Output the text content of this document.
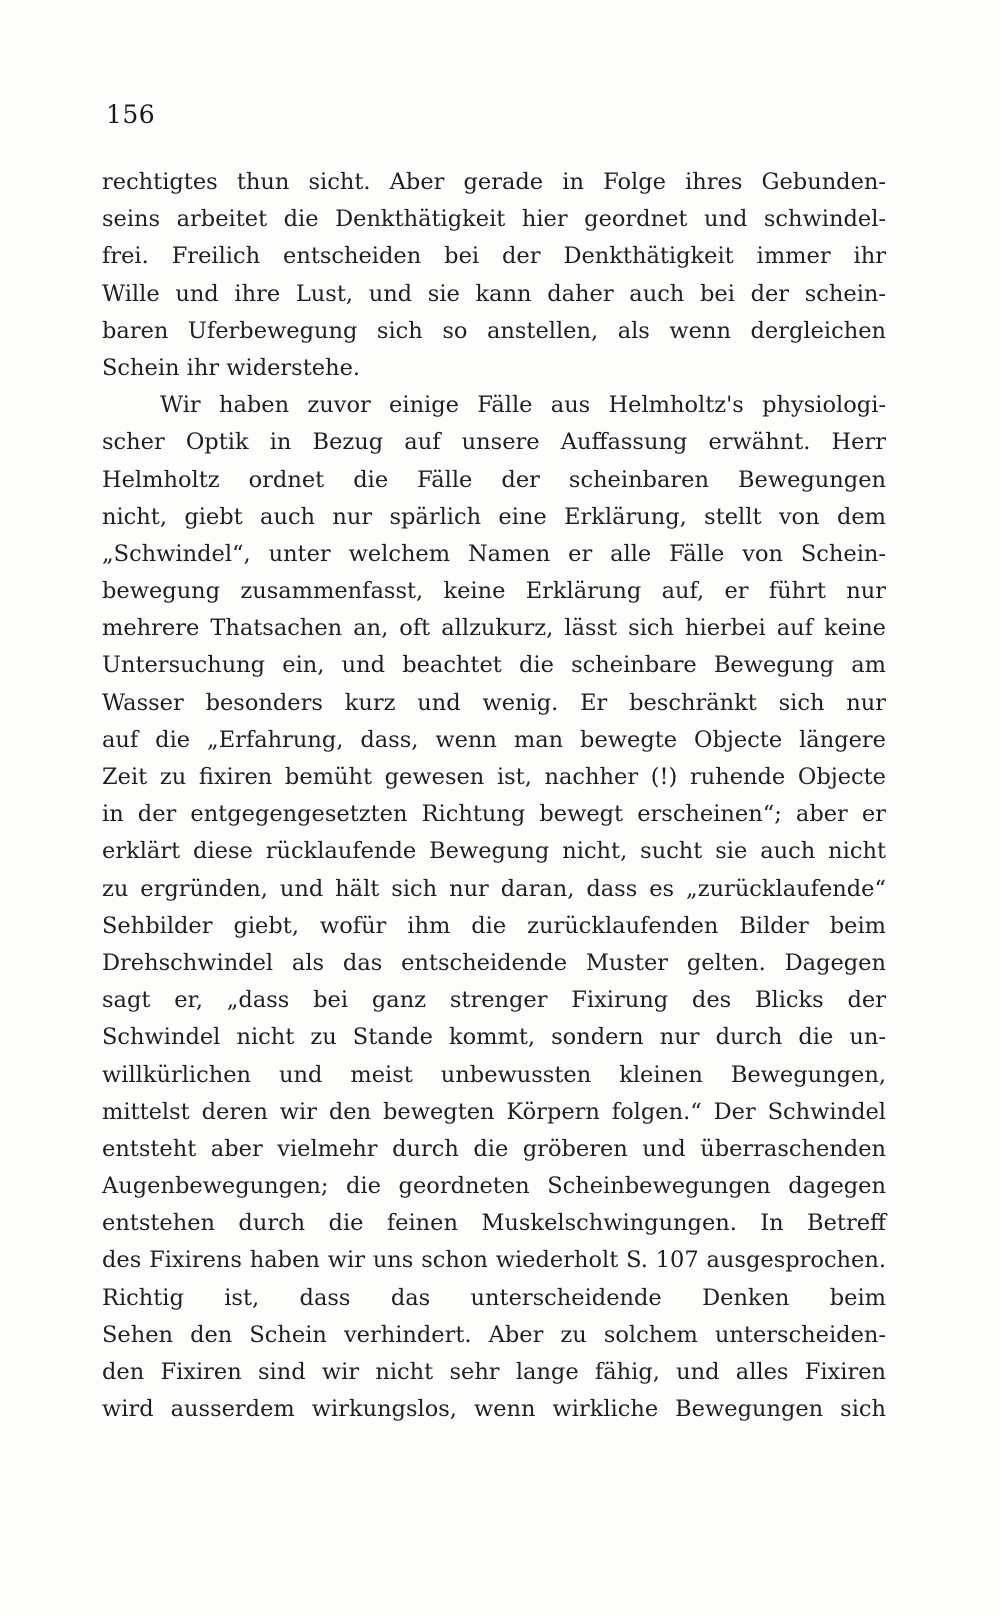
156
rechtigtes thun sicht. Aber gerade in Folge ihres Gebunden-
seins arbeitet die Denkthätigkeit hier geordnet und schwindel-
frei. Freilich entscheiden bei der Denkthätigkeit immer ihr
Wille und ihre Lust, und sie kann daher auch bei der schein-
baren Uferbewegung sich so anstellen, als wenn dergleichen
Schein ihr widerstehe.
Wir haben zuvor einige Fälle aus Helmholtz's physiologi-
scher Optik in Bezug auf unsere Auffassung erwähnt. Herr
Helmholtz ordnet die Fälle der scheinbaren Bewegungen
nicht, giebt auch nur spärlich eine Erklärung, stellt von dem
„Schwindel“, unter welchem Namen er alle Fälle von Schein-
bewegung zusammenfasst, keine Erklärung auf, er führt nur
mehrere Thatsachen an, oft allzukurz, lässt sich hierbei auf keine
Untersuchung ein, und beachtet die scheinbare Bewegung am
Wasser besonders kurz und wenig. Er beschränkt sich nur
auf die „Erfahrung, dass, wenn man bewegte Objecte längere
Zeit zu fixiren bemüht gewesen ist, nachher (!) ruhende Objecte
in der entgegengesetzten Richtung bewegt erscheinen“; aber er
erklärt diese rücklaufende Bewegung nicht, sucht sie auch nicht
zu ergründen, und hält sich nur daran, dass es „zurücklaufende“
Sehbilder giebt, wofür ihm die zurücklaufenden Bilder beim
Drehschwindel als das entscheidende Muster gelten. Dagegen
sagt er, „dass bei ganz strenger Fixirung des Blicks der
Schwindel nicht zu Stande kommt, sondern nur durch die un-
willkürlichen und meist unbewussten kleinen Bewegungen,
mittelst deren wir den bewegten Körpern folgen.“ Der Schwindel
entsteht aber vielmehr durch die gröberen und überraschenden
Augenbewegungen; die geordneten Scheinbewegungen dagegen
entstehen durch die feinen Muskelschwingungen. In Betreff
des Fixirens haben wir uns schon wiederholt S. 107 ausgesprochen.
Richtig ist, dass das unterscheidende Denken beim
Sehen den Schein verhindert. Aber zu solchem unterscheiden-
den Fixiren sind wir nicht sehr lange fähig, und alles Fixiren
wird ausserdem wirkungslos, wenn wirkliche Bewegungen sich
